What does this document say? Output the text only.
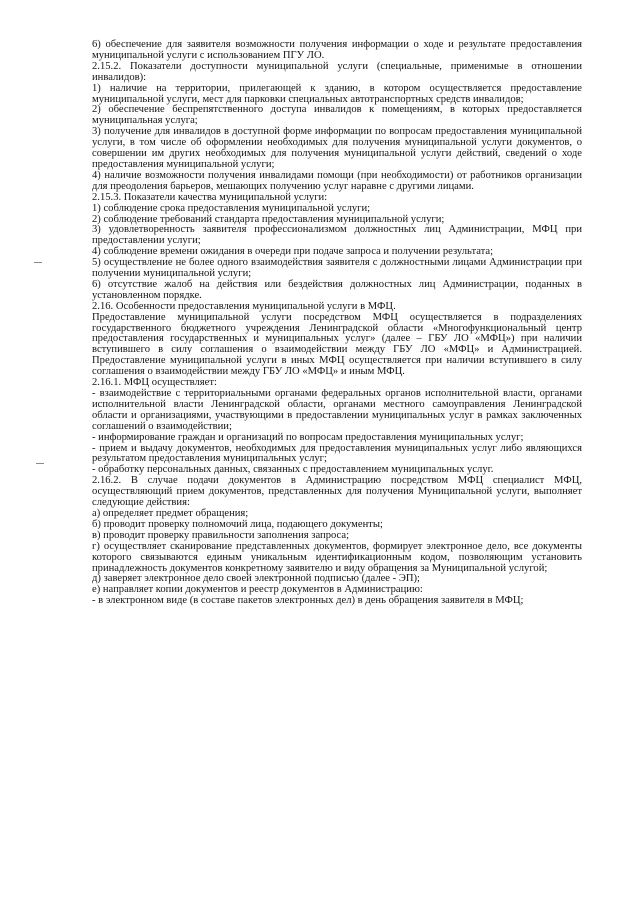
6) обеспечение для заявителя возможности получения информации о ходе и результате предоставления муниципальной услуги с использованием ПГУ ЛО.

2.15.2. Показатели доступности муниципальной услуги (специальные, применимые в отношении инвалидов):

1) наличие на территории, прилегающей к зданию, в котором осуществляется предоставление муниципальной услуги, мест для парковки специальных автотранспортных средств инвалидов;

2) обеспечение беспрепятственного доступа инвалидов к помещениям, в которых предоставляется муниципальная услуга;

3) получение для инвалидов в доступной форме информации по вопросам предоставления муниципальной услуги, в том числе об оформлении необходимых для получения муниципальной услуги документов, о совершении им других необходимых для получения муниципальной услуги действий, сведений о ходе предоставления муниципальной услуги;

4) наличие возможности получения инвалидами помощи (при необходимости) от работников организации для преодоления барьеров, мешающих получению услуг наравне с другими лицами.

2.15.3. Показатели качества муниципальной услуги:

1) соблюдение срока предоставления муниципальной услуги;

2) соблюдение требований стандарта предоставления муниципальной услуги;

3) удовлетворенность заявителя профессионализмом должностных лиц Администрации, МФЦ при предоставлении услуги;

4) соблюдение времени ожидания в очереди при подаче запроса и получении результата;

5) осуществление не более одного взаимодействия заявителя с должностными лицами Администрации при получении муниципальной услуги;

6) отсутствие жалоб на действия или бездействия должностных лиц Администрации, поданных в установленном порядке.

2.16. Особенности предоставления муниципальной услуги в МФЦ.

Предоставление муниципальной услуги посредством МФЦ осуществляется в подразделениях государственного бюджетного учреждения Ленинградской области «Многофункциональный центр предоставления государственных и муниципальных услуг» (далее – ГБУ ЛО «МФЦ») при наличии вступившего в силу соглашения о взаимодействии между ГБУ ЛО «МФЦ» и Администрацией. Предоставление муниципальной услуги в иных МФЦ осуществляется при наличии вступившего в силу соглашения о взаимодействии между ГБУ ЛО «МФЦ» и иным МФЦ.

2.16.1. МФЦ осуществляет:

- взаимодействие с территориальными органами федеральных органов исполнительной власти, органами исполнительной власти Ленинградской области, органами местного самоуправления Ленинградской области и организациями, участвующими в предоставлении муниципальных услуг в рамках заключенных соглашений о взаимодействии;

- информирование граждан и организаций по вопросам предоставления муниципальных услуг;

- прием и выдачу документов, необходимых для предоставления муниципальных услуг либо являющихся результатом предоставления муниципальных услуг;

- обработку персональных данных, связанных с предоставлением муниципальных услуг.

2.16.2. В случае подачи документов в Администрацию посредством МФЦ специалист МФЦ, осуществляющий прием документов, представленных для получения Муниципальной услуги, выполняет следующие действия:

а) определяет предмет обращения;

б) проводит проверку полномочий лица, подающего документы;

в) проводит проверку правильности заполнения запроса;

г) осуществляет сканирование представленных документов, формирует электронное дело, все документы которого связываются единым уникальным идентификационным кодом, позволяющим установить принадлежность документов конкретному заявителю и виду обращения за Муниципальной услугой;

д) заверяет электронное дело своей электронной подписью (далее - ЭП);

е) направляет копии документов и реестр документов в Администрацию:

- в электронном виде (в составе пакетов электронных дел) в день обращения заявителя в МФЦ;
